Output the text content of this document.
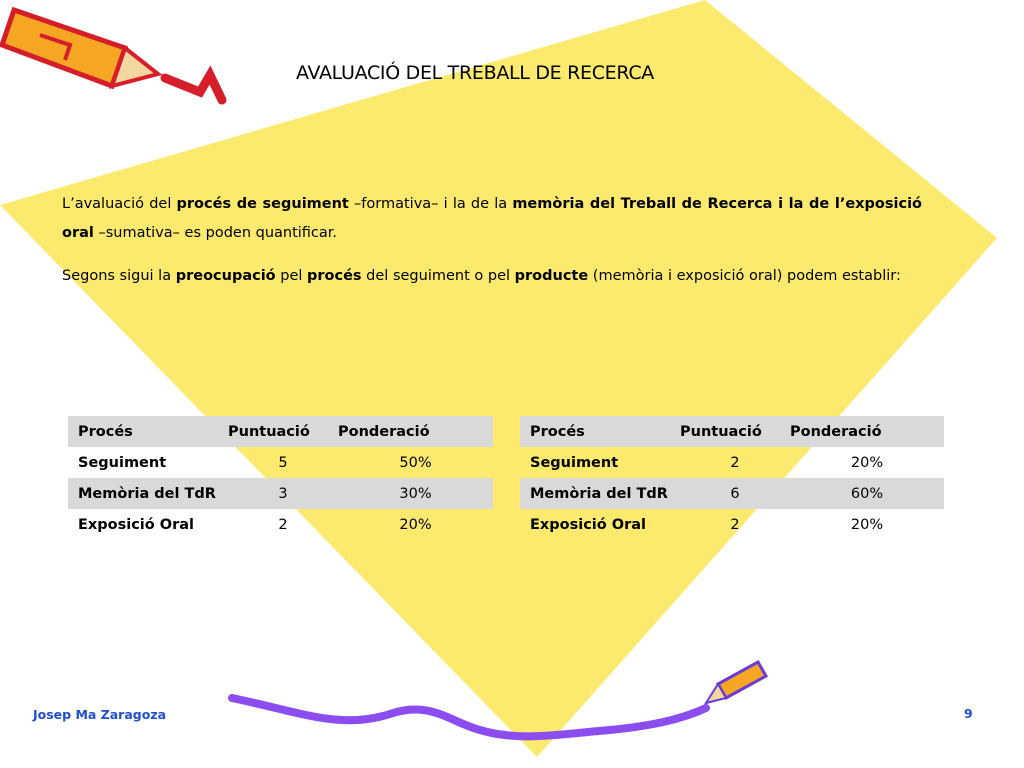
AVALUACIÓ DEL TREBALL DE RECERCA
L’avaluació del procés de seguiment –formativa– i la de la memòria del Treball de Recerca i la de l’exposició oral –sumativa– es poden quantificar.
Segons sigui la preocupació pel procés del seguiment o pel producte (memòria i exposició oral) podem establir:
Procés	Puntuació	Ponderació
Seguiment	5	50%
Memòria del TdR	3	30%
Exposició Oral	2	20%
Procés	Puntuació	Ponderació
Seguiment	2	20%
Memòria del TdR	6	60%
Exposició Oral	2	20%
Josep Ma Zaragoza	9
